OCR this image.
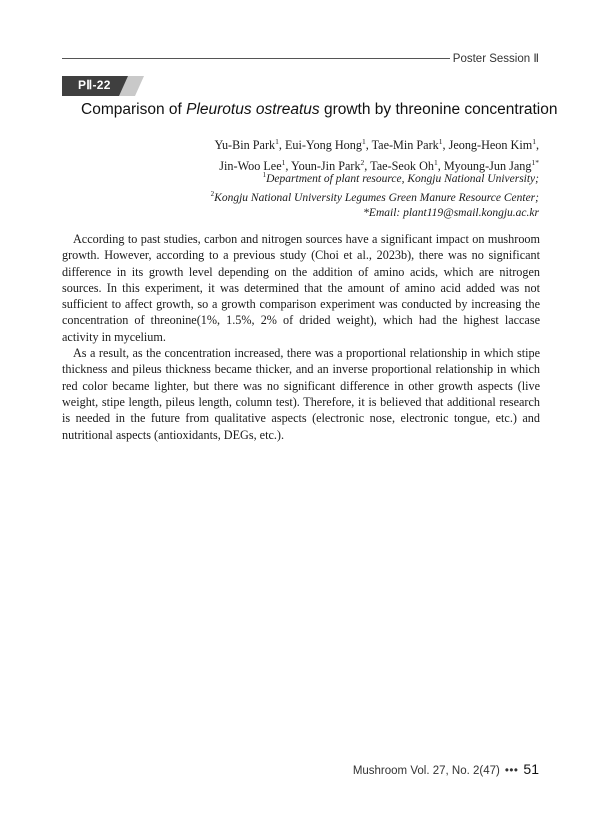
Poster Session Ⅱ
PⅡ-22
Comparison of Pleurotus ostreatus growth by threonine concentration
Yu-Bin Park$^1$, Eui-Yong Hong$^1$, Tae-Min Park$^1$, Jeong-Heon Kim$^1$,
Jin-Woo Lee$^1$, Youn-Jin Park$^2$, Tae-Seok Oh$^1$, Myoung-Jun Jang$^{1*}$
$^1$Department of plant resource, Kongju National University;
$^2$Kongju National University Legumes Green Manure Resource Center;
*Email: plant119@smail.kongju.ac.kr

According to past studies, carbon and nitrogen sources have a significant impact on mushroom growth. However, according to a previous study (Choi et al., 2023b), there was no significant difference in its growth level depending on the addition of amino acids, which are nitrogen sources. In this experiment, it was determined that the amount of amino acid added was not sufficient to affect growth, so a growth comparison experiment was conducted by increasing the concentration of threonine(1%, 1.5%, 2% of drided weight), which had the highest laccase activity in mycelium.

As a result, as the concentration increased, there was a proportional relationship in which stipe thickness and pileus thickness became thicker, and an inverse proportional relationship in which red color became lighter, but there was no significant difference in other growth aspects (live weight, stipe length, pileus length, column test). Therefore, it is believed that additional research is needed in the future from qualitative aspects (electronic nose, electronic tongue, etc.) and nutritional aspects (antioxidants, DEGs, etc.).

Mushroom Vol. 27, No. 2(47) ••• 51
